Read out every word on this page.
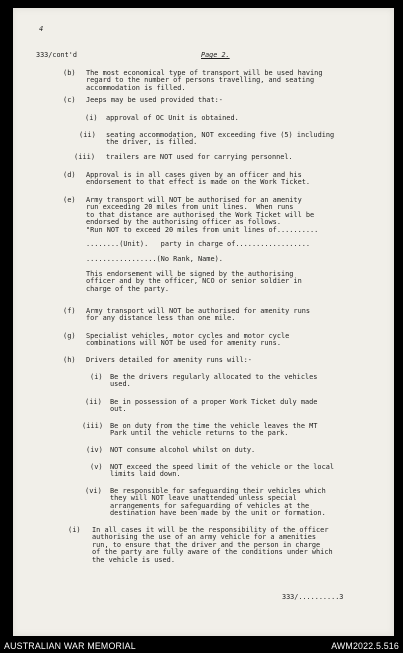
4
333/cont'd	Page 2.
(b) The most economical type of transport will be used having
regard to the number of persons travelling, and seating
accommodation is filled.
(c) Jeeps may be used provided that:-
(i) approval of OC Unit is obtained.
(ii) seating accommodation, NOT exceeding five (5) including
the driver, is filled.
(iii) trailers are NOT used for carrying personnel.
(d) Approval is in all cases given by an officer and his
endorsement to that effect is made on the Work Ticket.
(e) Army transport will NOT be authorised for an amenity
run exceeding 20 miles from unit lines.  When runs
to that distance are authorised the Work Ticket will be
endorsed by the authorising officer as follows.
"Run NOT to exceed 20 miles from unit lines of..........

........(Unit).   party in charge of..................

.................(No Rank, Name).

This endorsement will be signed by the authorising
officer and by the officer, NCO or senior soldier in
charge of the party.
(f) Army transport will NOT be authorised for amenity runs
for any distance less than one mile.
(g) Specialist vehicles, motor cycles and motor cycle
combinations will NOT be used for amenity runs.
(h) Drivers detailed for amenity runs will:-
(i) Be the drivers regularly allocated to the vehicles
used.
(ii) Be in possession of a proper Work Ticket duly made
out.
(iii) Be on duty from the time the vehicle leaves the MT
Park until the vehicle returns to the park.
(iv) NOT consume alcohol whilst on duty.
(v) NOT exceed the speed limit of the vehicle or the local
limits laid down.
(vi) Be responsible for safeguarding their vehicles which
they will NOT leave unattended unless special
arrangements for safeguarding of vehicles at the
destination have been made by the unit or formation.
(i) In all cases it will be the responsibility of the officer
authorising the use of an army vehicle for a amenities
run, to ensure that the driver and the person in charge
of the party are fully aware of the conditions under which
the vehicle is used.
333/..........3
AUSTRALIAN WAR MEMORIAL	AWM2022.5.516
